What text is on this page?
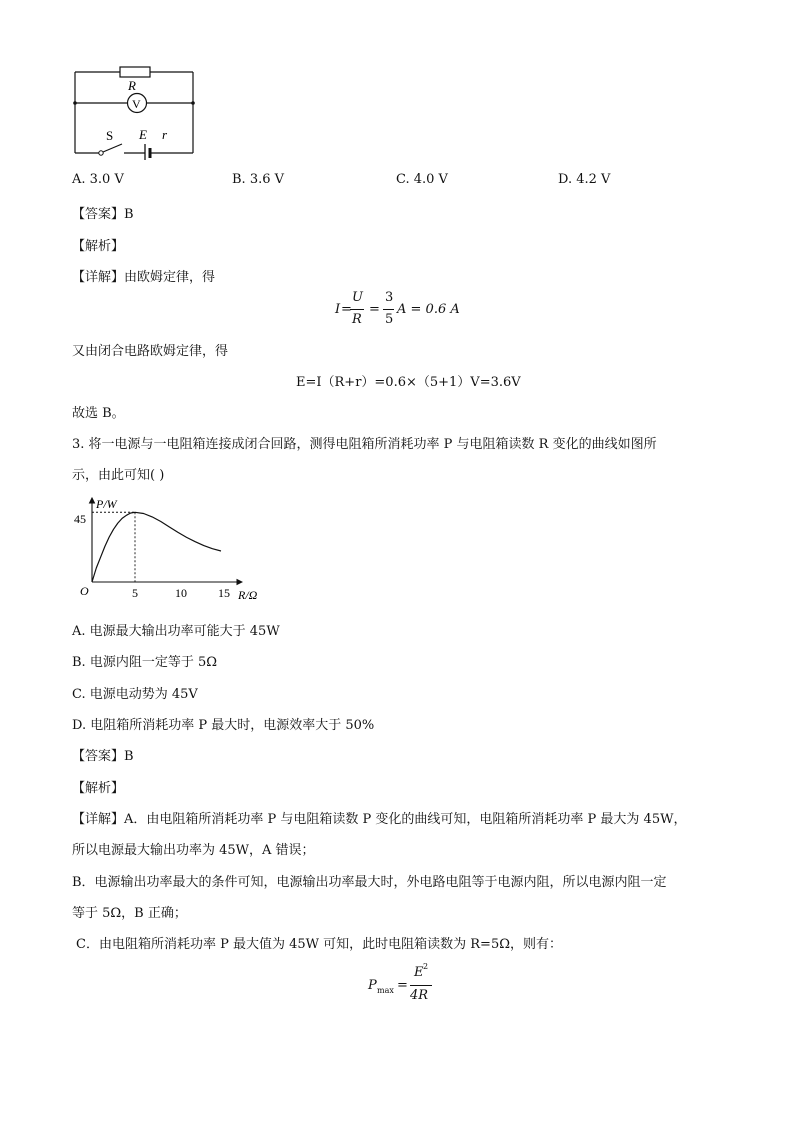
R
V
S E r
A. 3.0 V	B. 3.6 V	C. 4.0 V	D. 4.2 V
【答案】B
【解析】
【详解】由欧姆定律，得
I =
U
R
=
3
5
A = 0.6 A
又由闭合电路欧姆定律，得
E=I（R+r）=0.6×（5+1）V=3.6V
故选 B。
3. 将一电源与一电阻箱连接成闭合回路，测得电阻箱所消耗功率 P 与电阻箱读数 R 变化的曲线如图所
示，由此可知( )
P/W
R/Ω
O
45
5	10	15
A. 电源最大输出功率可能大于 45W
B. 电源内阻一定等于 5Ω
C. 电源电动势为 45V
D. 电阻箱所消耗功率 P 最大时，电源效率大于 50%
【答案】B
【解析】
【详解】A．由电阻箱所消耗功率 P 与电阻箱读数 P 变化的曲线可知，电阻箱所消耗功率 P 最大为 45W，
所以电源最大输出功率为 45W，A 错误；
B．电源输出功率最大的条件可知，电源输出功率最大时，外电路电阻等于电源内阻，所以电源内阻一定
等于 5Ω，B 正确；
C．由电阻箱所消耗功率 P 最大值为 45W 可知，此时电阻箱读数为 R=5Ω，则有：
P max =
E 2
4R
